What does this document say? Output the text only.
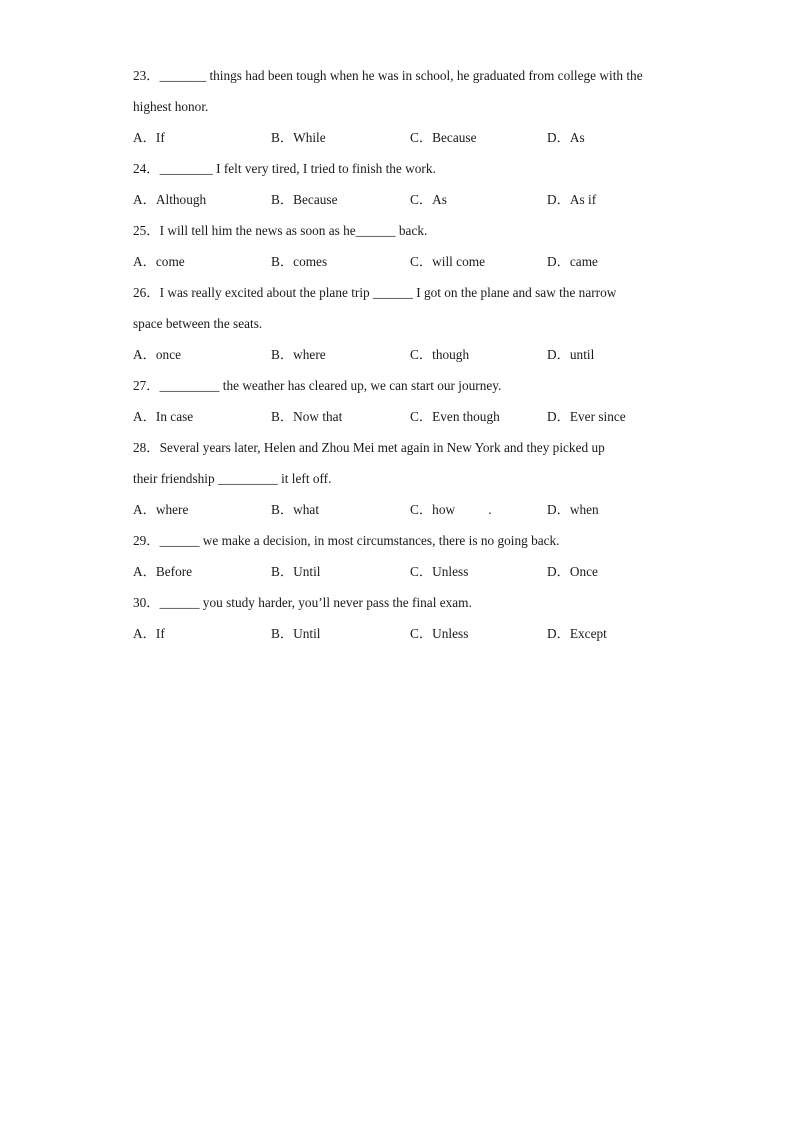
23．_______ things had been tough when he was in school, he graduated from college with the
highest honor.
A．If	B．While	C．Because	D．As
24．________ I felt very tired, I tried to finish the work.
A．Although	B．Because	C．As	D．As if
25．I will tell him the news as soon as he______ back.
A．come	B．comes	C．will come	D．came
26．I was really excited about the plane trip ______ I got on the plane and saw the narrow
space between the seats.
A．once	B．where	C．though	D．until
27．_________ the weather has cleared up, we can start our journey.
A．In case	B．Now that	C．Even though	D．Ever since
28．Several years later, Helen and Zhou Mei met again in New York and they picked up
their friendship _________ it left off.
A．where	B．what	C．how          .	D．when
29．______ we make a decision, in most circumstances, there is no going back.
A．Before	B．Until	C．Unless	D．Once
30．______ you study harder, you’ll never pass the final exam.
A．If	B．Until	C．Unless	D．Except
